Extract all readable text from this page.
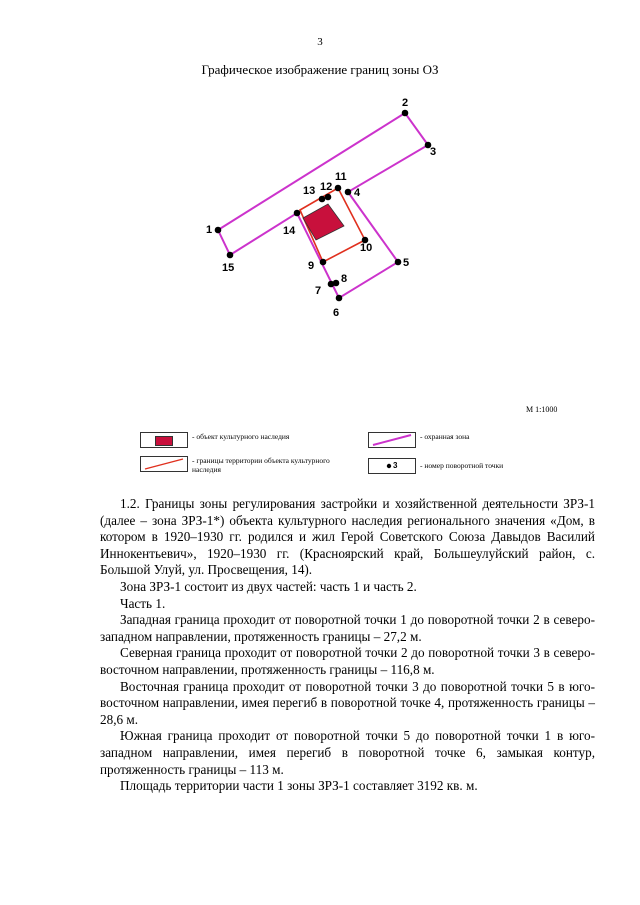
3
Графическое изображение границ зоны ОЗ
1
2
3
4
5
6
7
8
9
10
11
12
13
14
15
М 1:1000
- объект культурного наследия	- охранная зона
- границы территории объекта культурного наследия	3	- номер поворотной точки

1.2. Границы зоны регулирования застройки и хозяйственной деятельности ЗРЗ-1 (далее – зона ЗРЗ-1*) объекта культурного наследия регионального значения «Дом, в котором в 1920–1930 гг. родился и жил Герой Советского Союза Давыдов Василий Иннокентьевич», 1920–1930 гг. (Красноярский край, Большеулуйский район, с. Большой Улуй, ул. Просвещения, 14).

Зона ЗРЗ-1 состоит из двух частей: часть 1 и часть 2.

Часть 1.

Западная граница проходит от поворотной точки 1 до поворотной точки 2 в северо-западном направлении, протяженность границы – 27,2 м.

Северная граница проходит от поворотной точки 2 до поворотной точки 3 в северо-восточном направлении, протяженность границы – 116,8 м.

Восточная граница проходит от поворотной точки 3 до поворотной точки 5 в юго-восточном направлении, имея перегиб в поворотной точке 4, протяженность границы – 28,6 м.

Южная граница проходит от поворотной точки 5 до поворотной точки 1 в юго-западном направлении, имея перегиб в поворотной точке 6, замыкая контур, протяженность границы – 113 м.

Площадь территории части 1 зоны ЗРЗ-1 составляет 3192 кв. м.
